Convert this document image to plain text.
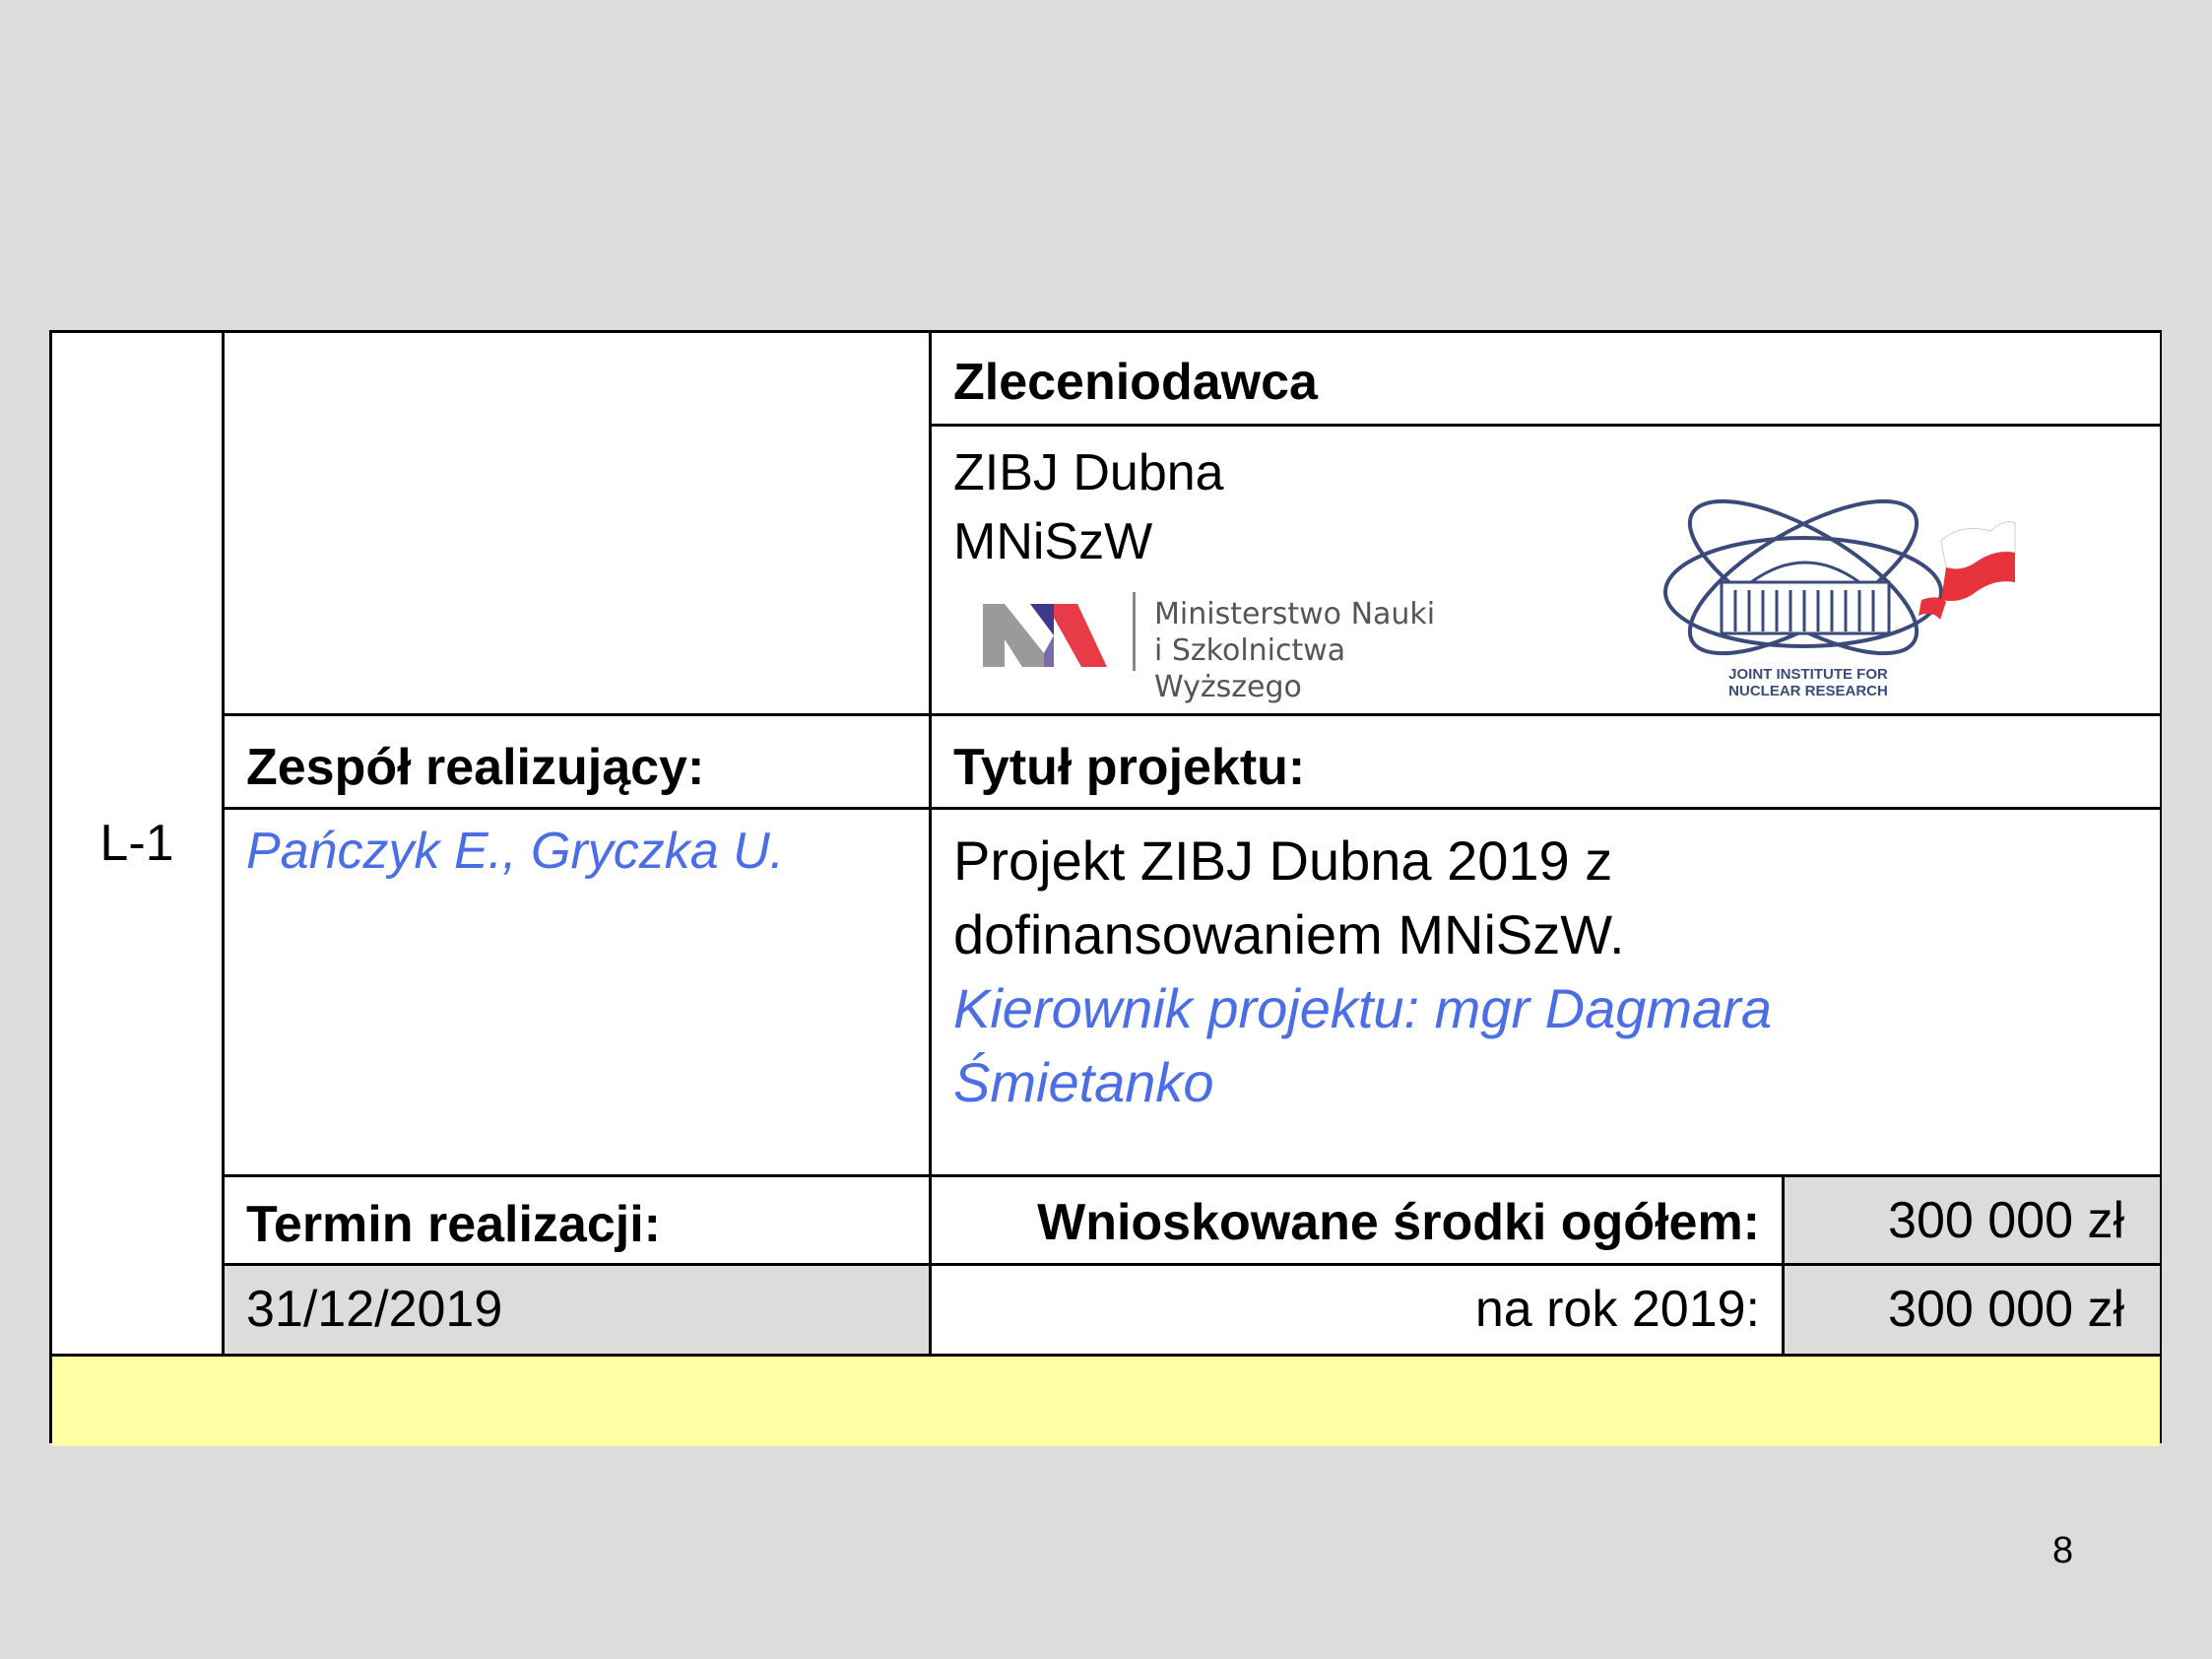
L-1
Zleceniodawca
ZIBJ Dubna
MNiSzW
Ministerstwo Nauki
i Szkolnictwa Wyższego	JOINT INSTITUTE FOR
NUCLEAR RESEARCH
Zespół realizujący:	Tytuł projektu:
Pańczyk E., Gryczka U.	Projekt ZIBJ Dubna 2019 z
dofinansowaniem MNiSzW.
Kierownik projektu: mgr Dagmara
Śmietanko
Termin realizacji:	Wnioskowane środki ogółem:	300 000 zł
31/12/2019	na rok 2019:	300 000 zł
8
